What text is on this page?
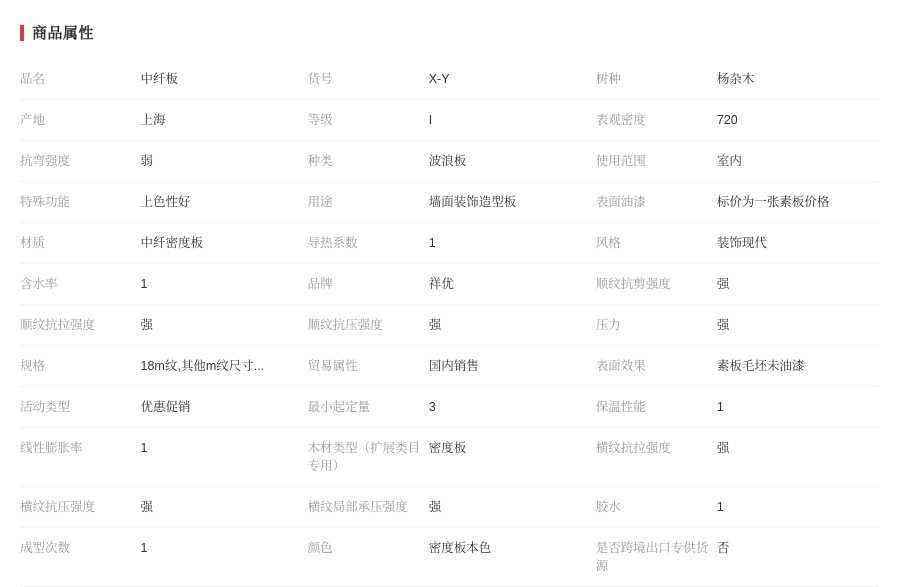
商品属性
品名	中纤板	货号	X-Y	树种	杨杂木
产地	上海	等级	I	表观密度	720
抗弯强度	弱	种类	波浪板	使用范围	室内
特殊功能	上色性好	用途	墙面装饰造型板	表面油漆	标价为一张素板价格
材质	中纤密度板	导热系数	1	风格	装饰现代
含水率	1	品牌	祥优	顺纹抗剪强度	强
顺纹抗拉强度	强	顺纹抗压强度	强	压力	强
规格	18m纹,其他m纹尺寸...	贸易属性	国内销售	表面效果	素板毛坯未油漆
活动类型	优惠促销	最小起定量	3	保温性能	1
线性膨胀率	1	木材类型（扩展类目专用）	密度板	横纹抗拉强度	强
横纹抗压强度	强	横纹局部承压强度	强	胶水	1
成型次数	1	颜色	密度板本色	是否跨境出口专供货源	否
